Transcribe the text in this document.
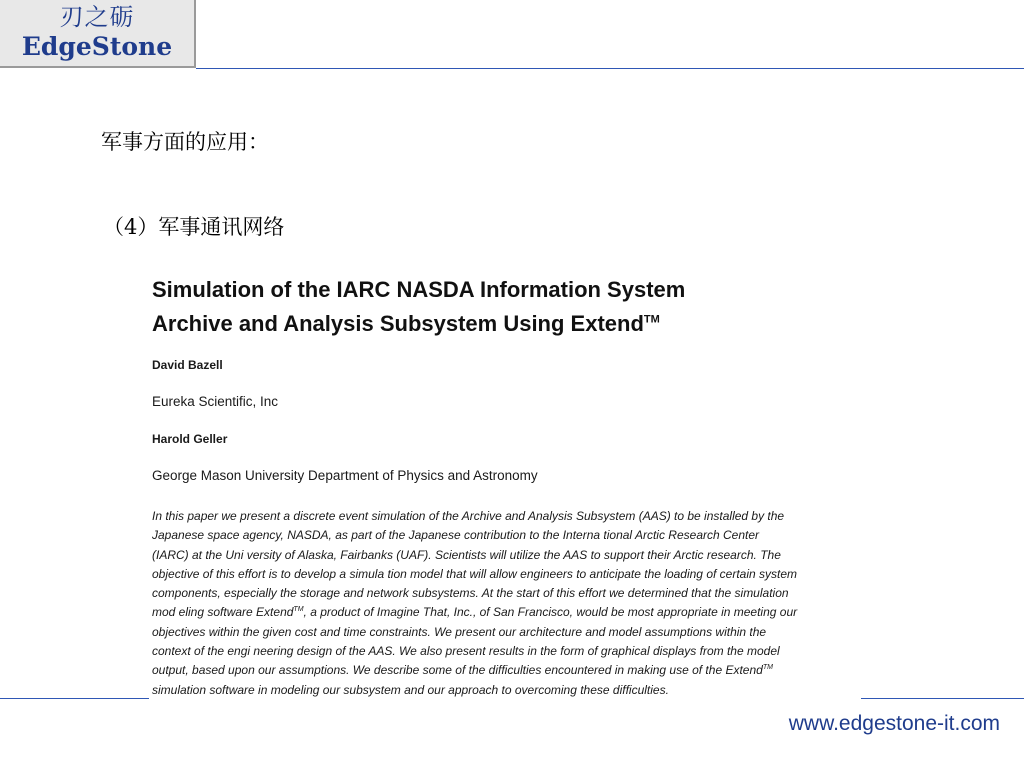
刃之砺
EdgeStone
军事方面的应用：
（4）军事通讯网络
Simulation of the IARC NASDA Information System
Archive and Analysis Subsystem Using Extend™
David Bazell
Eureka Scientific, Inc
Harold Geller
George Mason University Department of Physics and Astronomy
In this paper we present a discrete event simulation of the Archive and Analysis Subsystem (AAS) to be installed by the
Japanese space agency, NASDA, as part of the Japanese contribution to the Interna tional Arctic Research Center
(IARC) at the Uni versity of Alaska, Fairbanks (UAF). Scientists will utilize the AAS to support their Arctic research. The
objective of this effort is to develop a simula tion model that will allow engineers to anticipate the loading of certain system
components, especially the storage and network subsystems. At the start of this effort we determined that the simulation
mod eling software Extend™, a product of Imagine That, Inc., of San Francisco, would be most appropriate in meeting our
objectives within the given cost and time constraints. We present our architecture and model assumptions within the
context of the engi neering design of the AAS. We also present results in the form of graphical displays from the model
output, based upon our assumptions. We describe some of the difficulties encountered in making use of the Extend™
simulation software in modeling our subsystem and our approach to overcoming these difficulties.
www.edgestone-it.com
